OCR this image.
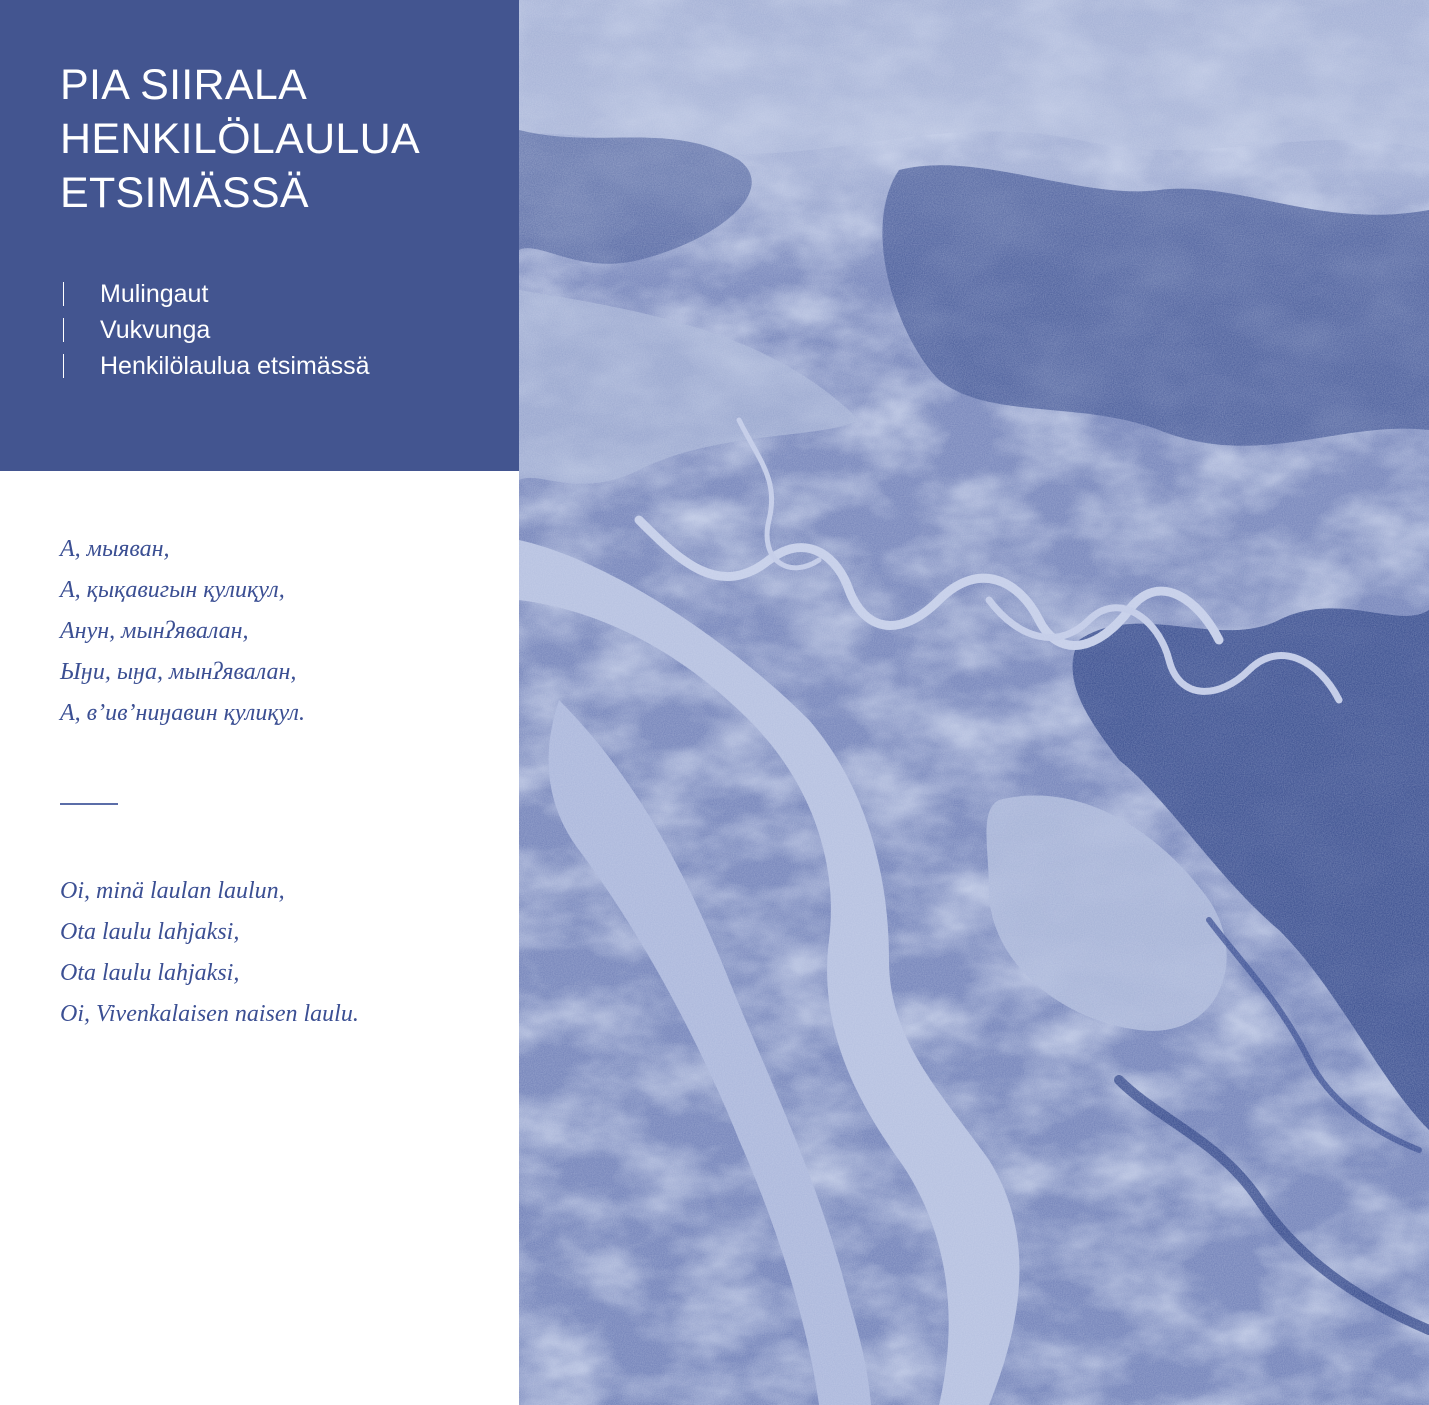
PIA SIIRALA
HENKILÖLAULUA
ETSIMÄSSÄ
Mulingaut
Vukvunga
Henkilölaulua etsimässä
А, мыяван,
А, қықавигын қулиқул,
Анун, мынʔявалан,
Ыӈи, ыӈа, мынʔявалан,
А, вʼивʼниӈавин қулиқул.
Oi, minä laulan laulun,
Ota laulu lahjaksi,
Ota laulu lahjaksi,
Oi, Vivenkalaisen naisen laulu.
